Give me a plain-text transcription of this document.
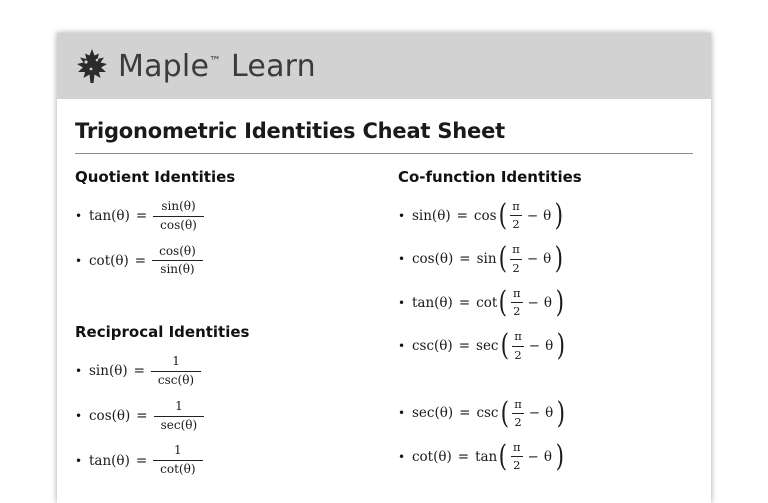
Maple™ Learn
Trigonometric Identities Cheat Sheet
Quotient Identities
• $\tan(\theta) = \frac{\sin(\theta)}{\cos(\theta)}$
• $\cot(\theta) = \frac{\cos(\theta)}{\sin(\theta)}$
Reciprocal Identities
• $\sin(\theta) = \frac{1}{\csc(\theta)}$
• $\cos(\theta) = \frac{1}{\sec(\theta)}$
• $\tan(\theta) = \frac{1}{\cot(\theta)}$
Co-function Identities
• sin(θ) = cos ( $\frac{\pi}{2} - \theta$ )
• cos(θ) = sin ( $\frac{\pi}{2} - \theta$ )
• tan(θ) = cot ( $\frac{\pi}{2} - \theta$ )
• csc(θ) = sec ( $\frac{\pi}{2} - \theta$ )
• sec(θ) = csc ( $\frac{\pi}{2} - \theta$ )
• cot(θ) = tan ( $\frac{\pi}{2} - \theta$ )
